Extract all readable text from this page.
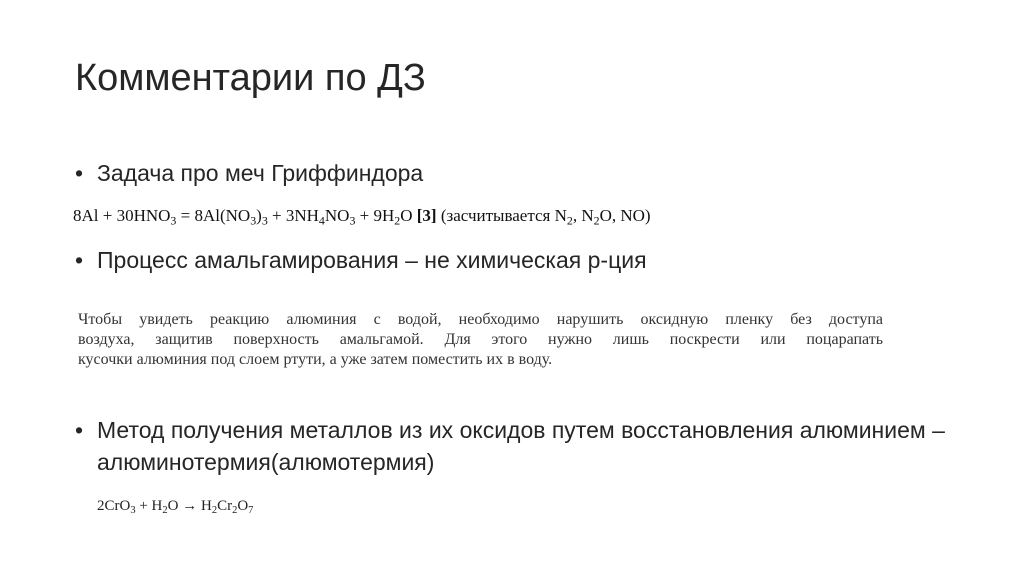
Комментарии по ДЗ
• Задача про меч Гриффиндора
$8Al + 30HNO_3 = 8Al(NO_3)_3 + 3NH_4NO_3 + 9H_2O$ [3] (засчитывается $N_2$, $N_2O$, NO)
• Процесс амальгамирования – не химическая р-ция
Чтобы увидеть реакцию алюминия с водой, необходимо нарушить оксидную пленку без доступа
воздуха, защитив поверхность амальгамой. Для этого нужно лишь поскрести или поцарапать
кусочки алюминия под слоем ртути, а уже затем поместить их в воду.
• Метод получения металлов из их оксидов путем восстановления алюминием – алюминотермия(алюмотермия)
$2CrO_3 + H_2O \to H_2Cr_2O_7$
